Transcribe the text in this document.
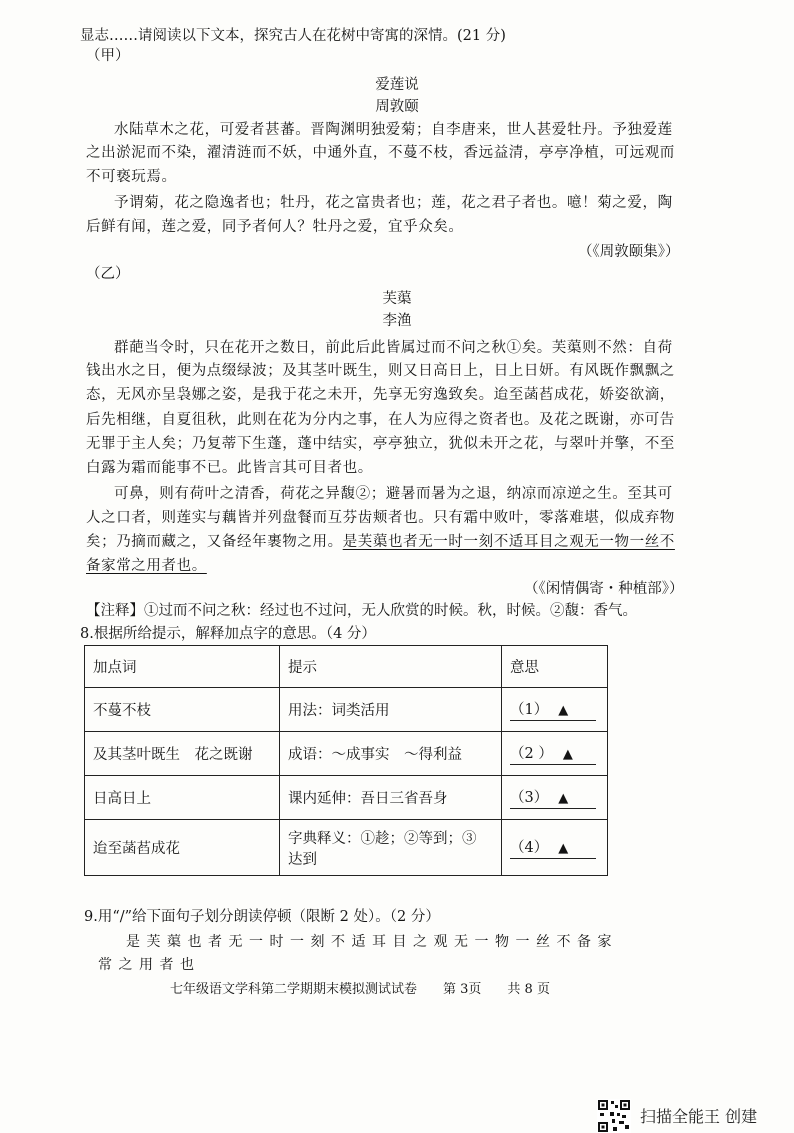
显志……请阅读以下文本，探究古人在花树中寄寓的深情。(21 分)
（甲）
爱莲说
周敦颐
水陆草木之花，可爱者甚蕃。晋陶渊明独爱菊；自李唐来，世人甚爱牡丹。予独爱莲
之出淤泥而不染，濯清涟而不妖，中通外直，不蔓不枝，香远益清，亭亭净植，可远观而
不可亵玩焉。
予谓菊，花之隐逸者也；牡丹，花之富贵者也；莲，花之君子者也。噫！菊之爱，陶
后鲜有闻，莲之爱，同予者何人？牡丹之爱，宜乎众矣。
（《周敦颐集》）
（乙）
芙蕖
李渔
群葩当令时，只在花开之数日，前此后此皆属过而不问之秋①矣。芙蕖则不然：自荷
钱出水之日，便为点缀绿波；及其茎叶既生，则又日高日上，日上日妍。有风既作飘飘之
态，无风亦呈袅娜之姿，是我于花之未开，先享无穷逸致矣。迨至菡萏成花，娇姿欲滴，
后先相继，自夏徂秋，此则在花为分内之事，在人为应得之资者也。及花之既谢，亦可告
无罪于主人矣；乃复蒂下生蓬，蓬中结实，亭亭独立，犹似未开之花，与翠叶并擎，不至
白露为霜而能事不已。此皆言其可目者也。
可鼻，则有荷叶之清香，荷花之异馥②；避暑而暑为之退，纳凉而凉逆之生。至其可
人之口者，则莲实与藕皆并列盘餐而互芬齿颊者也。只有霜中败叶，零落难堪，似成弃物
矣；乃摘而藏之，又备经年裹物之用。是芙蕖也者无一时一刻不适耳目之观无一物一丝不
备家常之用者也。
（《闲情偶寄・种植部》）
【注释】①过而不问之秋：经过也不过问，无人欣赏的时候。秋，时候。②馥：香气。
8.根据所给提示，解释加点字的意思。（4 分）
加点词	提示	意思
不蔓不枝	用法：词类活用	（1） ▲
及其茎叶既生　花之既谢	成语：～成事实　～得利益	（2 ） ▲
日高日上	课内延伸：吾日三省吾身	（3） ▲
迨至菡萏成花	字典释义：①趁；②等到；③
达到	（4） ▲
9.用“/”给下面句子划分朗读停顿（限断 2 处）。（2 分）
是芙蕖也者无一时一刻不适耳目之观无一物一丝不备家
常之用者也
七年级语文学科第二学期期末模拟测试试卷　　第 3页　　共 8 页
扫描全能王 创建
